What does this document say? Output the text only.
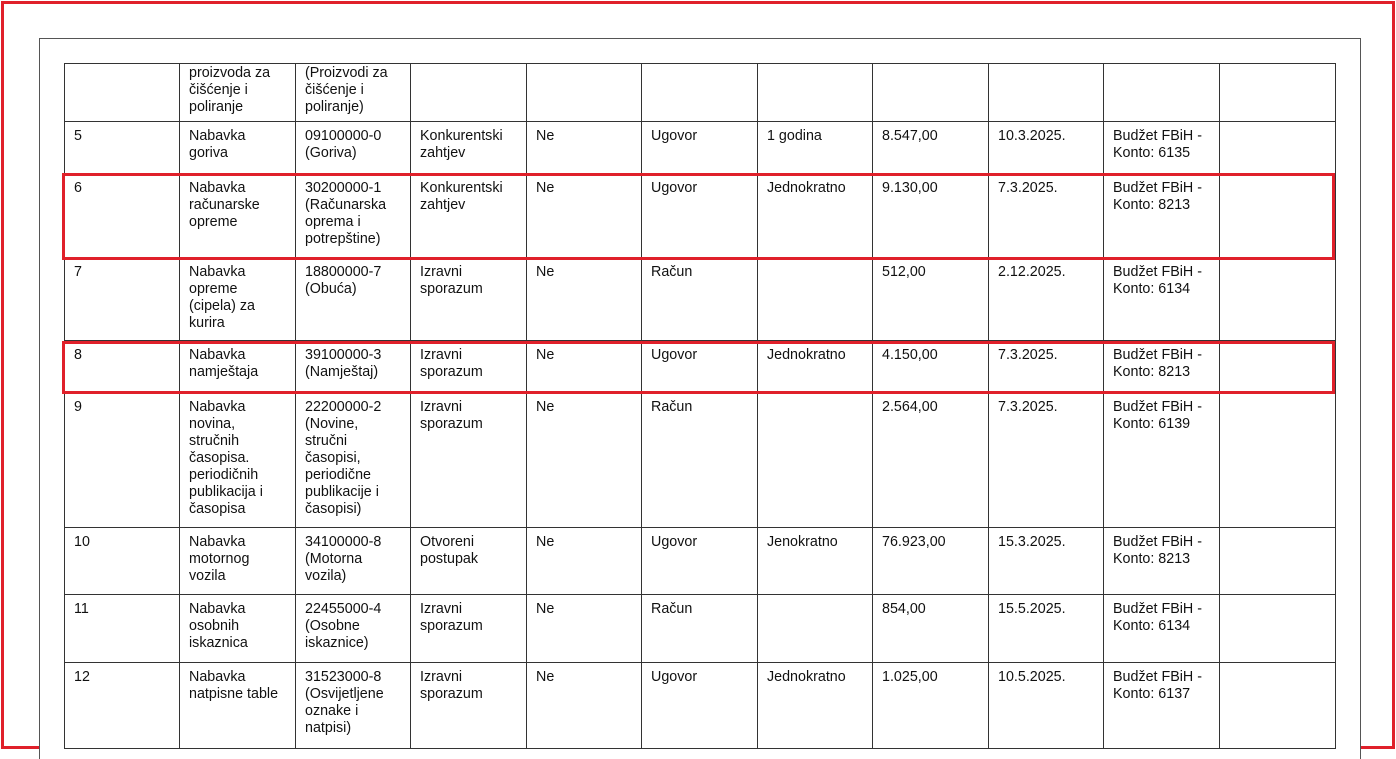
	proizvoda za čišćenje i poliranje	(Proizvodi za čišćenje i poliranje)								
5	Nabavka goriva	09100000-0 (Goriva)	Konkurentski zahtjev	Ne	Ugovor	1 godina	8.547,00	10.3.2025.	Budžet FBiH - Konto: 6135	
6	Nabavka računarske opreme	30200000-1 (Računarska oprema i potrepštine)	Konkurentski zahtjev	Ne	Ugovor	Jednokratno	9.130,00	7.3.2025.	Budžet FBiH - Konto: 8213	
7	Nabavka opreme (cipela) za kurira	18800000-7 (Obuća)	Izravni sporazum	Ne	Račun		512,00	2.12.2025.	Budžet FBiH - Konto: 6134	
8	Nabavka namještaja	39100000-3 (Namještaj)	Izravni sporazum	Ne	Ugovor	Jednokratno	4.150,00	7.3.2025.	Budžet FBiH - Konto: 8213	
9	Nabavka novina, stručnih časopisa. periodičnih publikacija i časopisa	22200000-2 (Novine, stručni časopisi, periodične publikacije i časopisi)	Izravni sporazum	Ne	Račun		2.564,00	7.3.2025.	Budžet FBiH - Konto: 6139	
10	Nabavka motornog vozila	34100000-8 (Motorna vozila)	Otvoreni postupak	Ne	Ugovor	Jenokratno	76.923,00	15.3.2025.	Budžet FBiH - Konto: 8213	
11	Nabavka osobnih iskaznica	22455000-4 (Osobne iskaznice)	Izravni sporazum	Ne	Račun		854,00	15.5.2025.	Budžet FBiH - Konto: 6134	
12	Nabavka natpisne table	31523000-8 (Osvijetljene oznake i natpisi)	Izravni sporazum	Ne	Ugovor	Jednokratno	1.025,00	10.5.2025.	Budžet FBiH - Konto: 6137	
